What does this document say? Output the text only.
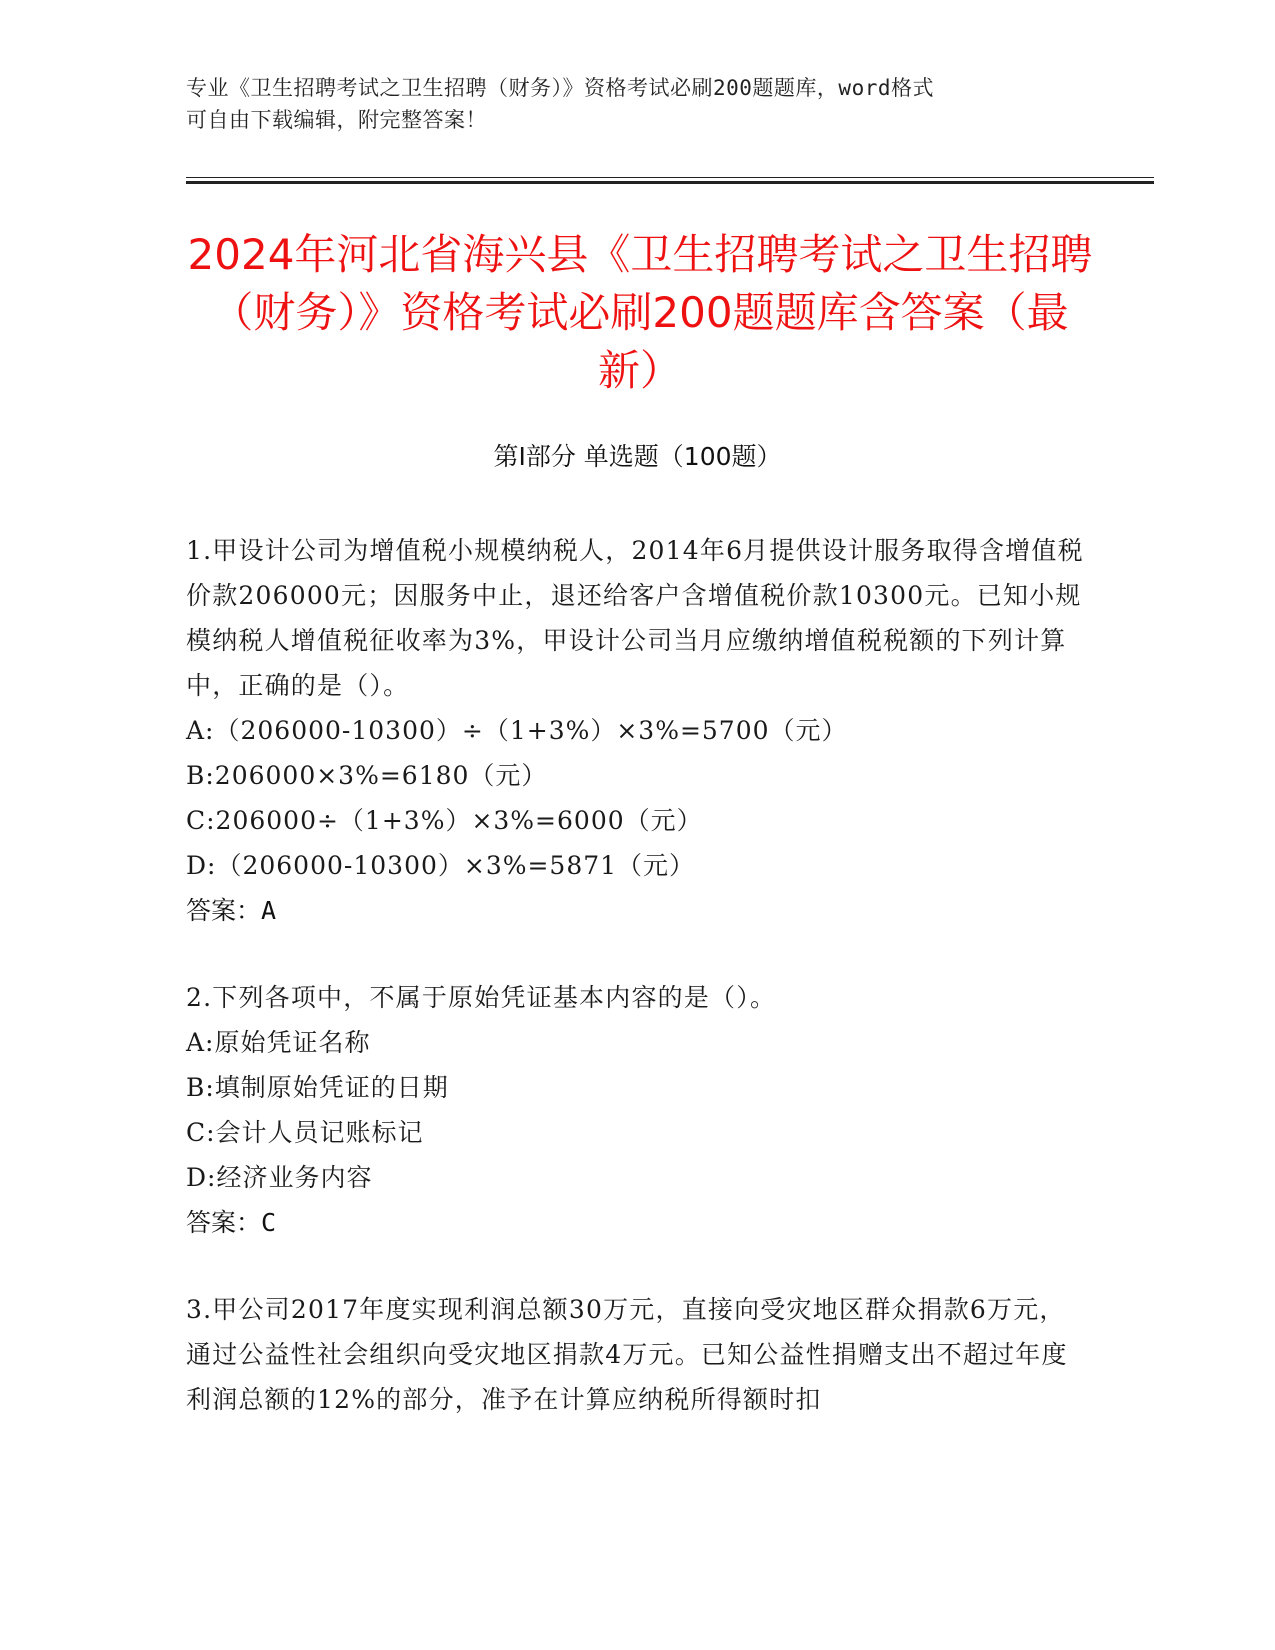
专业《卫生招聘考试之卫生招聘（财务）》资格考试必刷200题题库，word格式
可自由下载编辑，附完整答案！
2024年河北省海兴县《卫生招聘考试之卫生招聘（财务）》资格考试必刷200题题库含答案（最新）
第I部分 单选题（100题）
1.甲设计公司为增值税小规模纳税人，2014年6月提供设计服务取得含增值税价款206000元；因服务中止，退还给客户含增值税价款10300元。已知小规模纳税人增值税征收率为3%，甲设计公司当月应缴纳增值税税额的下列计算中，正确的是（）。
A:（206000-10300）÷（1+3%）×3%=5700（元）
B:206000×3%=6180（元）
C:206000÷（1+3%）×3%=6000（元）
D:（206000-10300）×3%=5871（元）
答案：A
2.下列各项中，不属于原始凭证基本内容的是（）。
A:原始凭证名称
B:填制原始凭证的日期
C:会计人员记账标记
D:经济业务内容
答案：C
3.甲公司2017年度实现利润总额30万元，直接向受灾地区群众捐款6万元，通过公益性社会组织向受灾地区捐款4万元。已知公益性捐赠支出不超过年度利润总额的12%的部分，准予在计算应纳税所得额时扣
